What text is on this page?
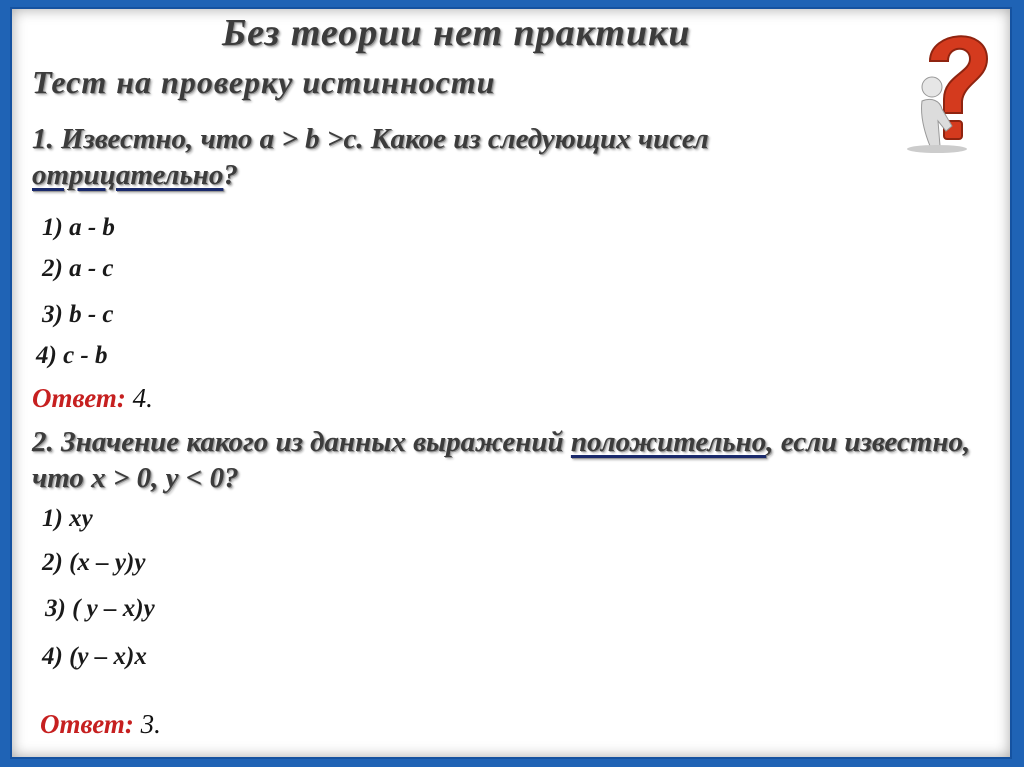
Без теории нет практики
Тест на проверку истинности
1. Известно, что а > b >c. Какое из следующих чисел отрицательно?
1) a - b
2) a - c
3) b - c
4) c - b
Ответ: 4.
2. Значение какого из данных выражений положительно, если известно, что х > 0, у < 0?
1) ху
2) (х – у)у
3) ( у – х)у
4) (у – х)х
Ответ: 3.
